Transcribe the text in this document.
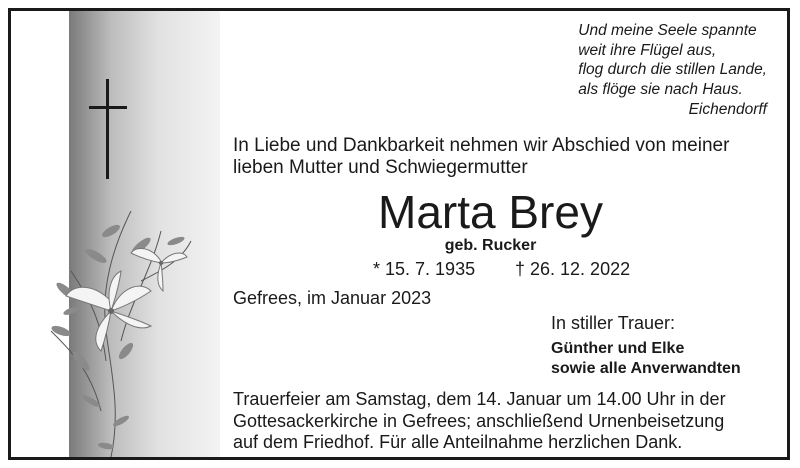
Und meine Seele spannte
weit ihre Flügel aus,
flog durch die stillen Lande,
als flöge sie nach Haus.
Eichendorff
In Liebe und Dankbarkeit nehmen wir Abschied von meiner
lieben Mutter und Schwiegermutter
Marta Brey
geb. Rucker
* 15. 7. 1935 † 26. 12. 2022
Gefrees, im Januar 2023
In stiller Trauer:
Günther und Elke
sowie alle Anverwandten
Trauerfeier am Samstag, dem 14. Januar um 14.00 Uhr in der
Gottesackerkirche in Gefrees; anschließend Urnenbeisetzung
auf dem Friedhof. Für alle Anteilnahme herzlichen Dank.
